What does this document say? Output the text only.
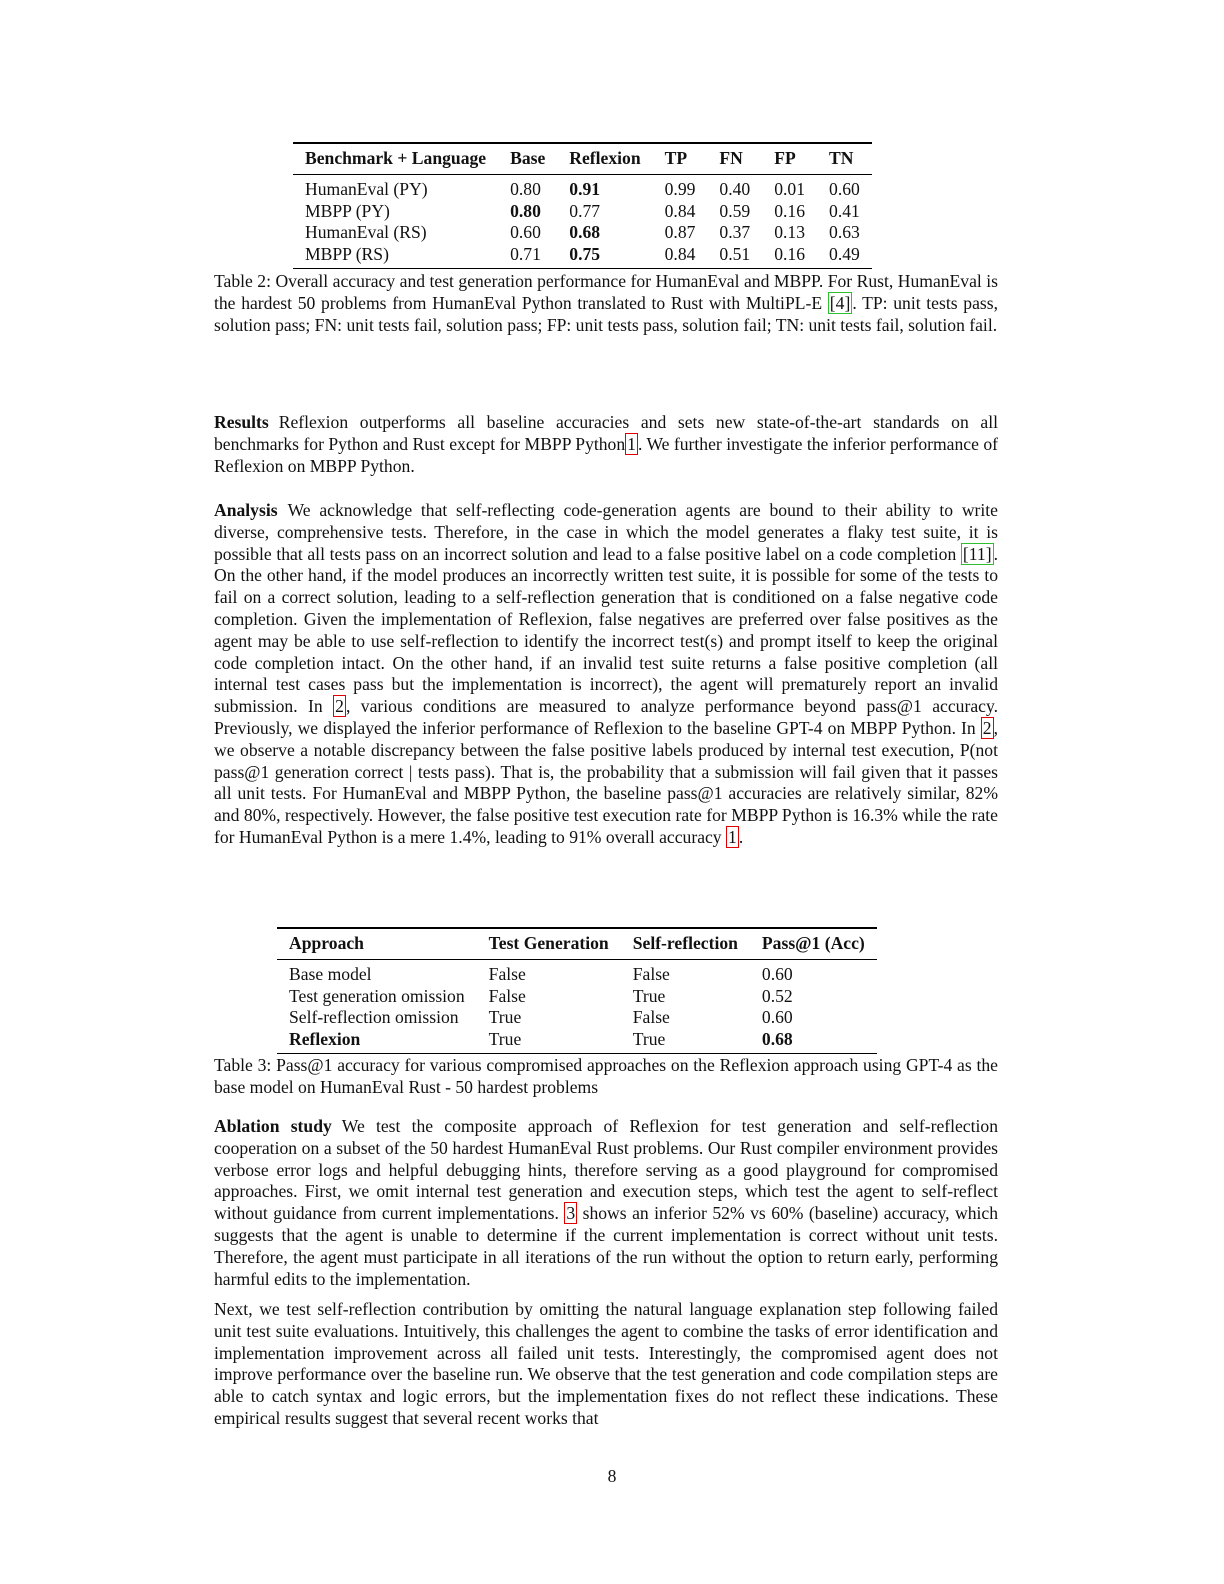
Benchmark + Language	Base	Reflexion	TP	FN	FP	TN
HumanEval (PY)	0.80	0.91	0.99	0.40	0.01	0.60
MBPP (PY)	0.80	0.77	0.84	0.59	0.16	0.41
HumanEval (RS)	0.60	0.68	0.87	0.37	0.13	0.63
MBPP (RS)	0.71	0.75	0.84	0.51	0.16	0.49
Table 2: Overall accuracy and test generation performance for HumanEval and MBPP. For Rust, HumanEval is the hardest 50 problems from HumanEval Python translated to Rust with MultiPL-E [4] . TP: unit tests pass, solution pass; FN: unit tests fail, solution pass; FP: unit tests pass, solution fail; TN: unit tests fail, solution fail.

Results Reflexion outperforms all baseline accuracies and sets new state-of-the-art standards on all benchmarks for Python and Rust except for MBPP Python 1 . We further investigate the inferior performance of Reflexion on MBPP Python.

Analysis We acknowledge that self-reflecting code-generation agents are bound to their ability to write diverse, comprehensive tests. Therefore, in the case in which the model generates a flaky test suite, it is possible that all tests pass on an incorrect solution and lead to a false positive label on a code completion [11] . On the other hand, if the model produces an incorrectly written test suite, it is possible for some of the tests to fail on a correct solution, leading to a self-reflection generation that is conditioned on a false negative code completion. Given the implementation of Reflexion, false negatives are preferred over false positives as the agent may be able to use self-reflection to identify the incorrect test(s) and prompt itself to keep the original code completion intact. On the other hand, if an invalid test suite returns a false positive completion (all internal test cases pass but the implementation is incorrect), the agent will prematurely report an invalid submission. In 2 , various conditions are measured to analyze performance beyond pass@1 accuracy. Previously, we displayed the inferior performance of Reflexion to the baseline GPT-4 on MBPP Python. In 2 , we observe a notable discrepancy between the false positive labels produced by internal test execution, P(not pass@1 generation correct | tests pass). That is, the probability that a submission will fail given that it passes all unit tests. For HumanEval and MBPP Python, the baseline pass@1 accuracies are relatively similar, 82% and 80%, respectively. However, the false positive test execution rate for MBPP Python is 16.3% while the rate for HumanEval Python is a mere 1.4%, leading to 91% overall accuracy 1 .

Approach	Test Generation	Self-reflection	Pass@1 (Acc)
Base model	False	False	0.60
Test generation omission	False	True	0.52
Self-reflection omission	True	False	0.60
Reflexion	True	True	0.68
Table 3: Pass@1 accuracy for various compromised approaches on the Reflexion approach using GPT-4 as the base model on HumanEval Rust - 50 hardest problems

Ablation study We test the composite approach of Reflexion for test generation and self-reflection cooperation on a subset of the 50 hardest HumanEval Rust problems. Our Rust compiler environment provides verbose error logs and helpful debugging hints, therefore serving as a good playground for compromised approaches. First, we omit internal test generation and execution steps, which test the agent to self-reflect without guidance from current implementations. 3 shows an inferior 52% vs 60% (baseline) accuracy, which suggests that the agent is unable to determine if the current implementation is correct without unit tests. Therefore, the agent must participate in all iterations of the run without the option to return early, performing harmful edits to the implementation.

Next, we test self-reflection contribution by omitting the natural language explanation step following failed unit test suite evaluations. Intuitively, this challenges the agent to combine the tasks of error identification and implementation improvement across all failed unit tests. Interestingly, the compromised agent does not improve performance over the baseline run. We observe that the test generation and code compilation steps are able to catch syntax and logic errors, but the implementation fixes do not reflect these indications. These empirical results suggest that several recent works that

8
